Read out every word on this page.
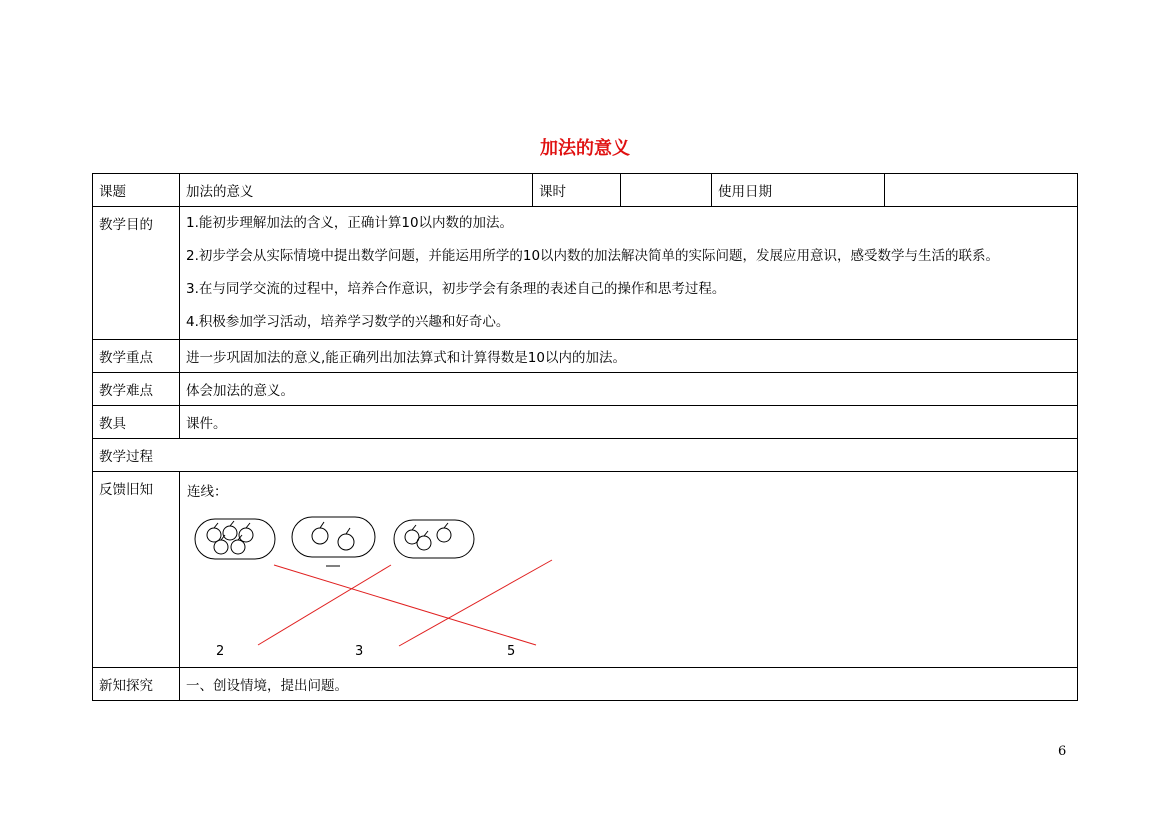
加法的意义
课题	加法的意义	课时		使用日期	
教学目的	1.能初步理解加法的含义，正确计算10以内数的加法。
2.初步学会从实际情境中提出数学问题，并能运用所学的10以内数的加法解决简单的实际问题，发展应用意识，感受数学与生活的联系。
3.在与同学交流的过程中，培养合作意识，初步学会有条理的表述自己的操作和思考过程。
4.积极参加学习活动，培养学习数学的兴趣和好奇心。				

教学重点	进一步巩固加法的意义,能正确列出加法算式和计算得数是10以内的加法。				
教学难点	体会加法的意义。				
教具	课件。				
教学过程					
反馈旧知	连线：
2 3 5				

新知探究	一、创设情境，提出问题。				
6
